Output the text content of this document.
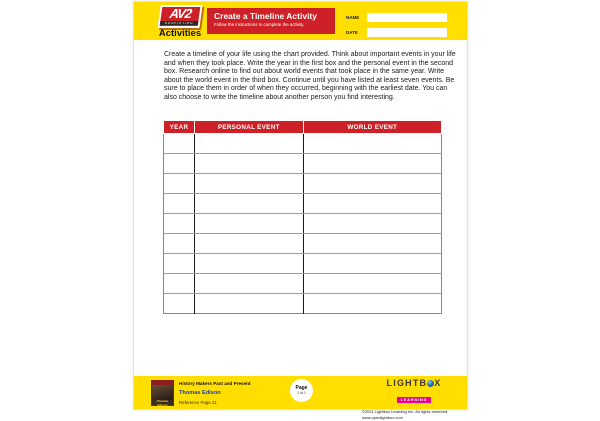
AV2
NONFICTION
Activities
Create a Timeline Activity
Follow the instructions to complete the activity.
NAME
DATE
Create a timeline of your life using the chart provided. Think about important events in your life and when they took place. Write the year in the first box and the personal event in the second box. Research online to find out about world events that took place in the same year. Write about the world event in the third box. Continue until you have listed at least seven events. Be sure to place them in order of when they occurred, beginning with the earliest date. You can also choose to write the timeline about another person you find interesting.
YEAR	PERSONAL EVENT	WORLD EVENT

Thomas Edison
History Makers Past and Present
Thomas Edison
Reference Page 21
Page
1 of 1
LIGHTB X
LEARNING
©2021 Lightbox Learning Inc. All rights reserved.
www.openlightbox.com
